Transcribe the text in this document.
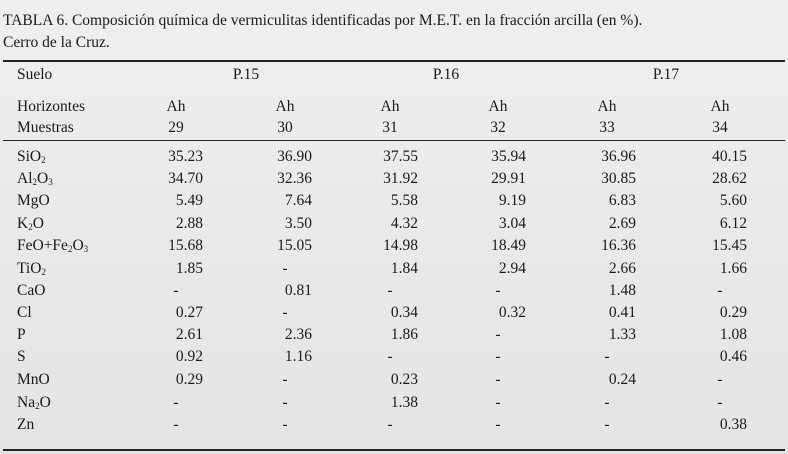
TABLA 6. Composición química de vermiculitas identificadas por M.E.T. en la fracción arcilla (en %).
Cerro de la Cruz.
Suelo	P.15	P.16	P.17
Horizontes	Ah	Ah	Ah	Ah	Ah	Ah
Muestras	29	30	31	32	33	34
SiO$_2$	35.23	36.90	37.55	35.94	36.96	40.15
$Al_2O_3$	34.70	32.36	31.92	29.91	30.85	28.62
MgO	5.49	7.64	5.58	9.19	6.83	5.60
$K_2O$	2.88	3.50	4.32	3.04	2.69	6.12
$FeO+Fe_2O_3$	15.68	15.05	14.98	18.49	16.36	15.45
TiO$_2$	1.85	-	1.84	2.94	2.66	1.66
CaO	-	0.81	-	-	1.48	-
Cl	0.27	-	0.34	0.32	0.41	0.29
P	2.61	2.36	1.86	-	1.33	1.08
S	0.92	1.16	-	-	-	0.46
MnO	0.29	-	0.23	-	0.24	-
$Na_2O$	-	-	1.38	-	-	-
Zn	-	-	-	-	-	0.38
